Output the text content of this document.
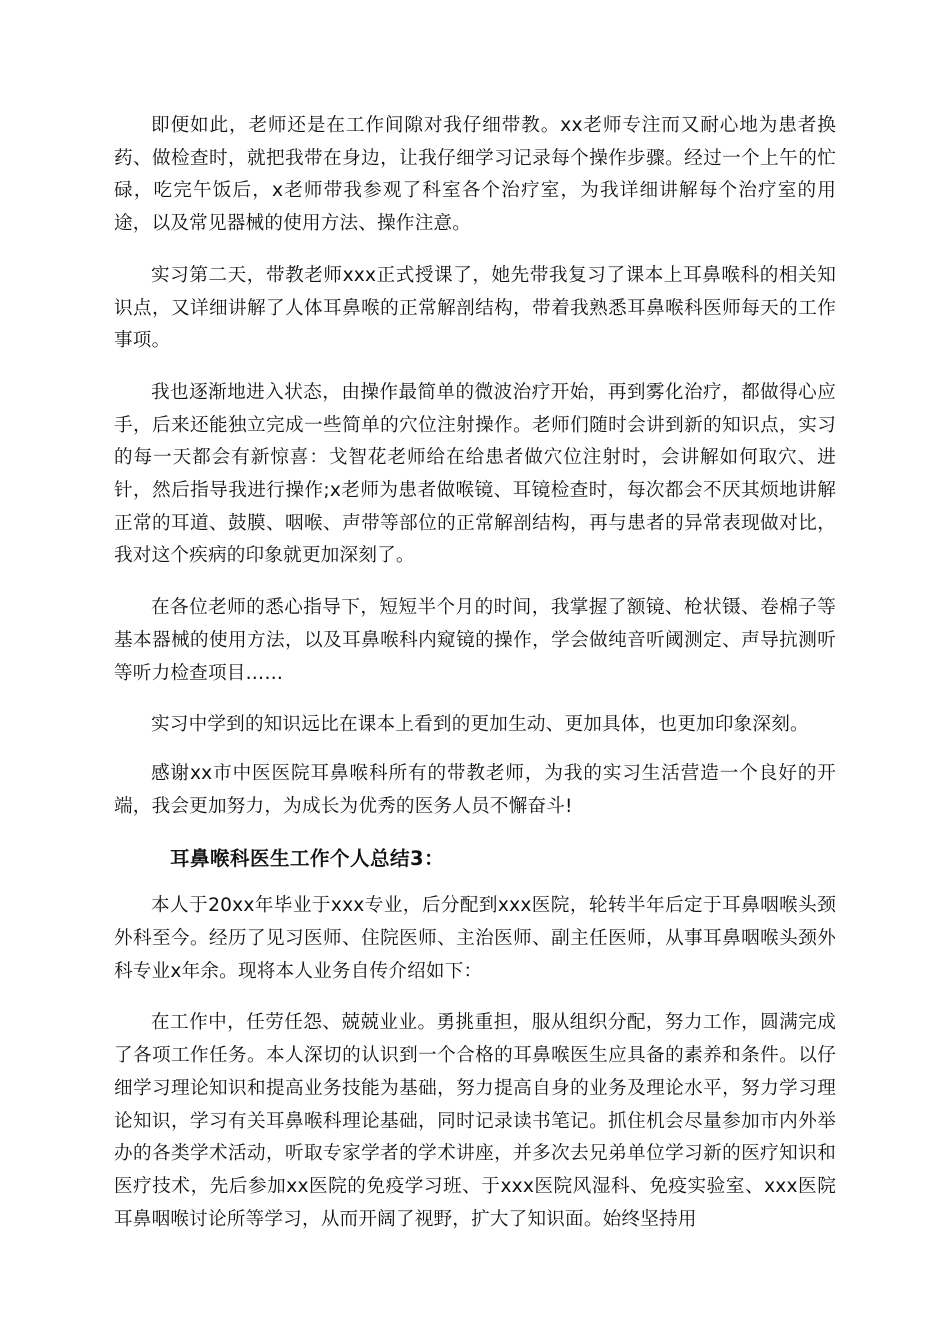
即便如此，老师还是在工作间隙对我仔细带教。xx老师专注而又耐心地为患者换药、做检查时，就把我带在身边，让我仔细学习记录每个操作步骤。经过一个上午的忙碌，吃完午饭后，x老师带我参观了科室各个治疗室，为我详细讲解每个治疗室的用途，以及常见器械的使用方法、操作注意。

实习第二天，带教老师xxx正式授课了，她先带我复习了课本上耳鼻喉科的相关知识点，又详细讲解了人体耳鼻喉的正常解剖结构，带着我熟悉耳鼻喉科医师每天的工作事项。

我也逐渐地进入状态，由操作最简单的微波治疗开始，再到雾化治疗，都做得心应手，后来还能独立完成一些简单的穴位注射操作。老师们随时会讲到新的知识点，实习的每一天都会有新惊喜：戈智花老师给在给患者做穴位注射时，会讲解如何取穴、进针，然后指导我进行操作;x老师为患者做喉镜、耳镜检查时，每次都会不厌其烦地讲解正常的耳道、鼓膜、咽喉、声带等部位的正常解剖结构，再与患者的异常表现做对比，我对这个疾病的印象就更加深刻了。

在各位老师的悉心指导下，短短半个月的时间，我掌握了额镜、枪状镊、卷棉子等基本器械的使用方法，以及耳鼻喉科内窥镜的操作，学会做纯音听阈测定、声导抗测听等听力检查项目……

实习中学到的知识远比在课本上看到的更加生动、更加具体，也更加印象深刻。

感谢xx市中医医院耳鼻喉科所有的带教老师，为我的实习生活营造一个良好的开端，我会更加努力，为成长为优秀的医务人员不懈奋斗!

耳鼻喉科医生工作个人总结3：

本人于20xx年毕业于xxx专业，后分配到xxx医院，轮转半年后定于耳鼻咽喉头颈外科至今。经历了见习医师、住院医师、主治医师、副主任医师，从事耳鼻咽喉头颈外科专业x年余。现将本人业务自传介绍如下：

在工作中，任劳任怨、兢兢业业。勇挑重担，服从组织分配，努力工作，圆满完成了各项工作任务。本人深切的认识到一个合格的耳鼻喉医生应具备的素养和条件。以仔细学习理论知识和提高业务技能为基础，努力提高自身的业务及理论水平，努力学习理论知识，学习有关耳鼻喉科理论基础，同时记录读书笔记。抓住机会尽量参加市内外举办的各类学术活动，听取专家学者的学术讲座，并多次去兄弟单位学习新的医疗知识和医疗技术，先后参加xx医院的免疫学习班、于xxx医院风湿科、免疫实验室、xxx医院耳鼻咽喉讨论所等学习，从而开阔了视野，扩大了知识面。始终坚持用
